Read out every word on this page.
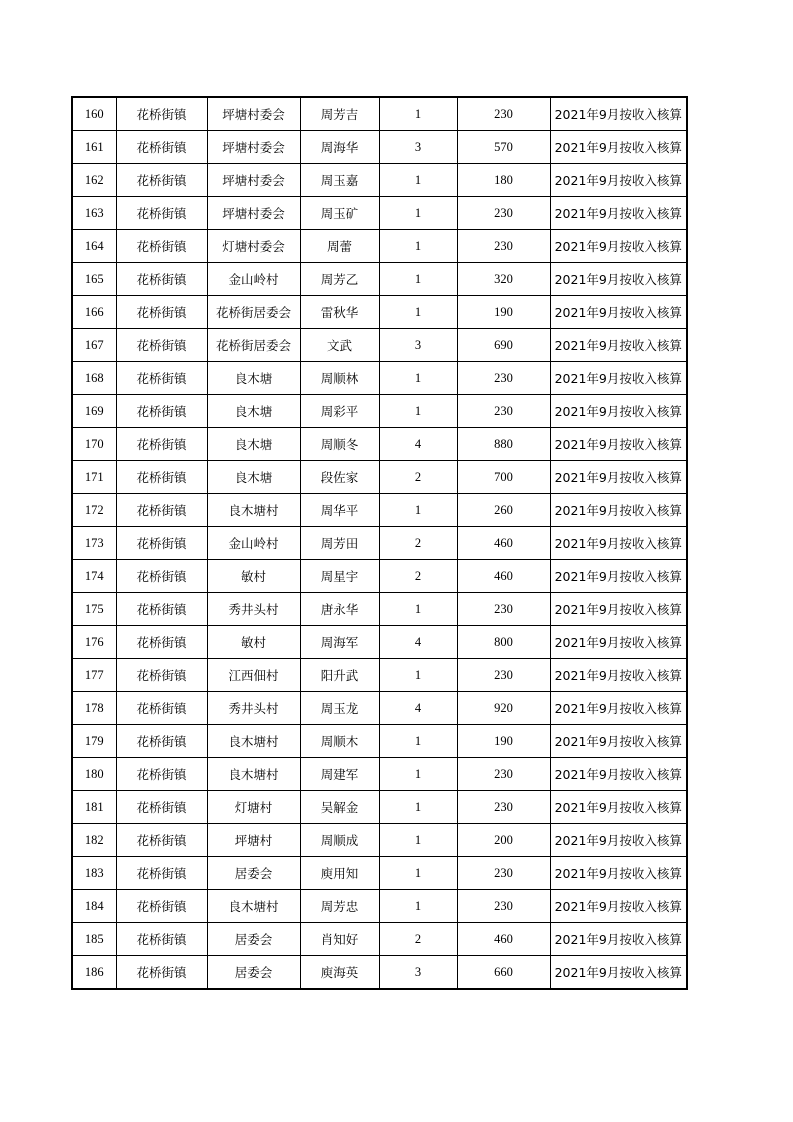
160	花桥街镇	坪塘村委会	周芳吉	1	230	2021年9月按收入核算
161	花桥街镇	坪塘村委会	周海华	3	570	2021年9月按收入核算
162	花桥街镇	坪塘村委会	周玉嘉	1	180	2021年9月按收入核算
163	花桥街镇	坪塘村委会	周玉矿	1	230	2021年9月按收入核算
164	花桥街镇	灯塘村委会	周蕾	1	230	2021年9月按收入核算
165	花桥街镇	金山岭村	周芳乙	1	320	2021年9月按收入核算
166	花桥街镇	花桥街居委会	雷秋华	1	190	2021年9月按收入核算
167	花桥街镇	花桥街居委会	文武	3	690	2021年9月按收入核算
168	花桥街镇	良木塘	周顺林	1	230	2021年9月按收入核算
169	花桥街镇	良木塘	周彩平	1	230	2021年9月按收入核算
170	花桥街镇	良木塘	周顺冬	4	880	2021年9月按收入核算
171	花桥街镇	良木塘	段佐家	2	700	2021年9月按收入核算
172	花桥街镇	良木塘村	周华平	1	260	2021年9月按收入核算
173	花桥街镇	金山岭村	周芳田	2	460	2021年9月按收入核算
174	花桥街镇	敏村	周星宇	2	460	2021年9月按收入核算
175	花桥街镇	秀井头村	唐永华	1	230	2021年9月按收入核算
176	花桥街镇	敏村	周海军	4	800	2021年9月按收入核算
177	花桥街镇	江西佃村	阳升武	1	230	2021年9月按收入核算
178	花桥街镇	秀井头村	周玉龙	4	920	2021年9月按收入核算
179	花桥街镇	良木塘村	周顺木	1	190	2021年9月按收入核算
180	花桥街镇	良木塘村	周建军	1	230	2021年9月按收入核算
181	花桥街镇	灯塘村	吴解金	1	230	2021年9月按收入核算
182	花桥街镇	坪塘村	周顺成	1	200	2021年9月按收入核算
183	花桥街镇	居委会	庾用知	1	230	2021年9月按收入核算
184	花桥街镇	良木塘村	周芳忠	1	230	2021年9月按收入核算
185	花桥街镇	居委会	肖知好	2	460	2021年9月按收入核算
186	花桥街镇	居委会	庾海英	3	660	2021年9月按收入核算
